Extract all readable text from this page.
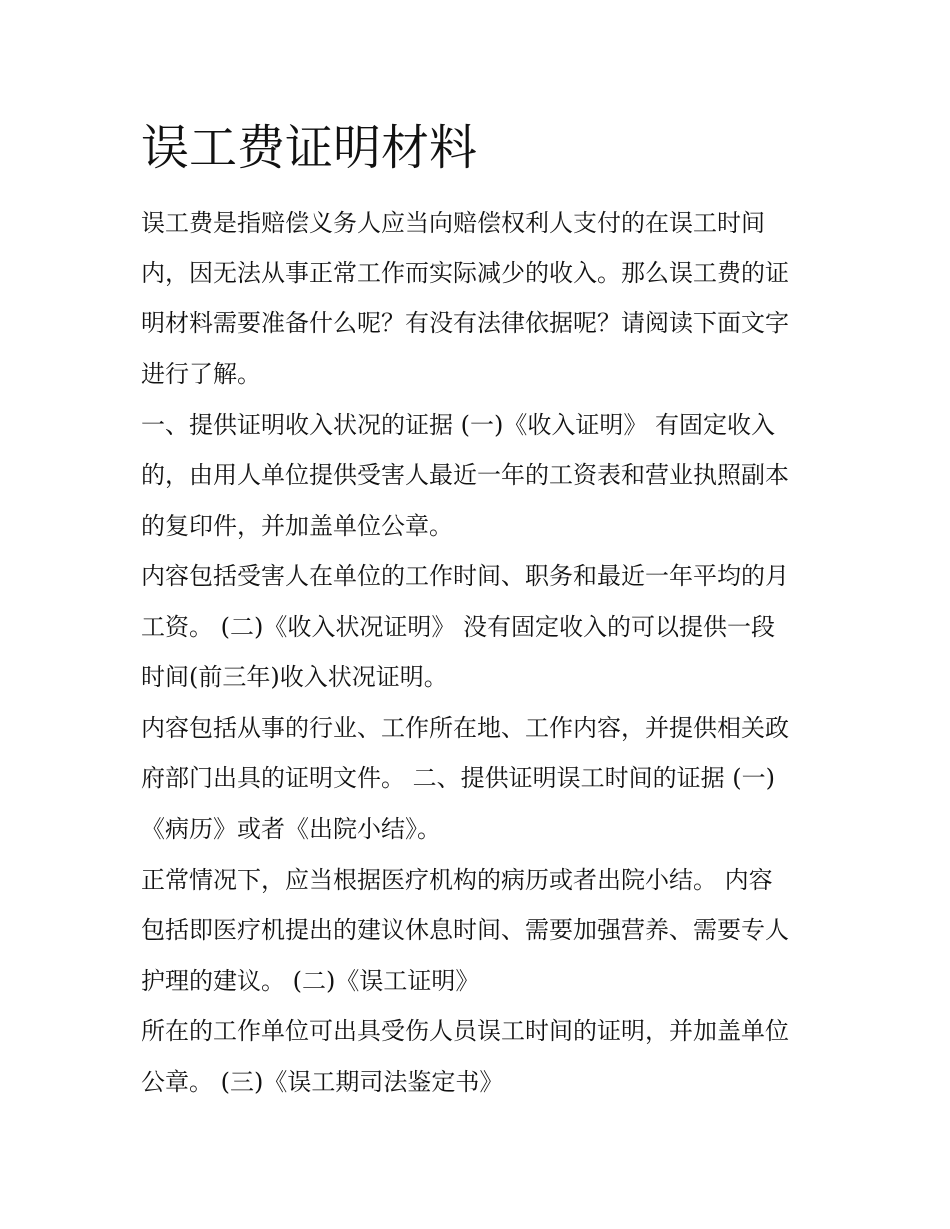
误工费证明材料

误工费是指赔偿义务人应当向赔偿权利人支付的在误工时间

内，因无法从事正常工作而实际减少的收入。那么误工费的证

明材料需要准备什么呢？有没有法律依据呢？请阅读下面文字

进行了解。

一、提供证明收入状况的证据 (一)《收入证明》 有固定收入

的，由用人单位提供受害人最近一年的工资表和营业执照副本

的复印件，并加盖单位公章。

内容包括受害人在单位的工作时间、职务和最近一年平均的月

工资。 (二)《收入状况证明》 没有固定收入的可以提供一段

时间(前三年)收入状况证明。

内容包括从事的行业、工作所在地、工作内容，并提供相关政

府部门出具的证明文件。 二、提供证明误工时间的证据 (一)

《病历》或者《出院小结》。

正常情况下，应当根据医疗机构的病历或者出院小结。 内容

包括即医疗机提出的建议休息时间、需要加强营养、需要专人

护理的建议。 (二)《误工证明》

所在的工作单位可出具受伤人员误工时间的证明，并加盖单位

公章。 (三)《误工期司法鉴定书》
